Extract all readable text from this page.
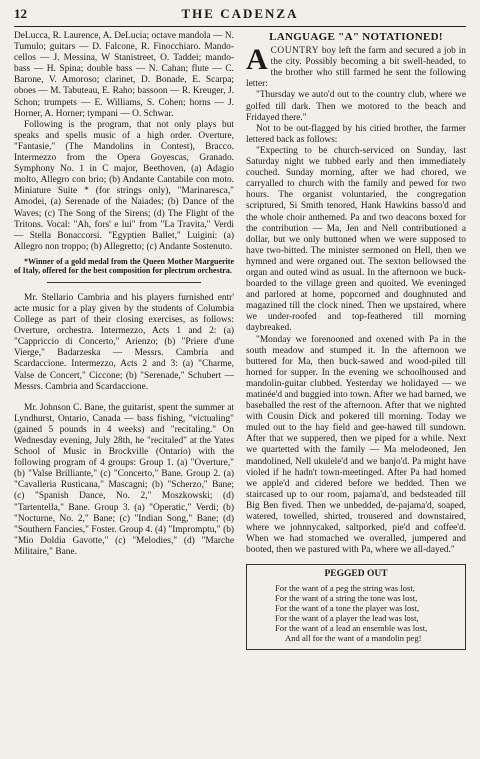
12	THE CADENZA

DeLucca, R. Laurence, A. DeLucia; octave mandola — N. Tumulo; guitars — D. Falcone, R. Finocchiaro. Mando-cellos — J. Messina, W Stanistreet, O. Taddei; mando-bass — H. Spina; double bass — N. Cahan; flute — C. Barone, V. Amoroso; clarinet, D. Bonade, E. Scarpa; oboes — M. Tabuteau, E. Raho; bassoon — R. Kreuger, J. Schon; trumpets — E. Williams, S. Cohen; horns — J. Horner, A. Horner; tympani — O. Schwar.

Following is the program, that not only plays but speaks and spells music of a high order. Overture, "Fantasie," (The Mandolins in Contest), Bracco. Intermezzo from the Opera Goyescas, Granado. Symphony No. 1 in C major, Beethoven, (a) Adagio molto, Allegro con brio; (b) Andante Cantabile con moto. Miniature Suite * (for strings only), "Marinaresca," Amodei, (a) Serenade of the Naiades; (b) Dance of the Waves; (c) The Song of the Sirens; (d) The Flight of the Tritons. Vocal: "Ah, fors' e lui" from "La Travita," Verdi — Stella Bonaccorsi. "Egyptien Ballet," Luigini: (a) Allegro non troppo; (b) Allegretto; (c) Andante Sostenuto.

*Winner of a gold medal from the Queen Mother Marguerite of Italy, offered for the best composition for plectrum orchestra.

Mr. Stellario Cambria and his players furnished entr' acte music for a play given by the students of Columbia College as part of their closing exercises, as follows: Overture, orchestra. Intermezzo, Acts 1 and 2: (a) "Cappriccio di Concerto," Arienzo; (b) "Priere d'une Vierge," Badarzeska — Messrs. Cambria and Scardaccione. Intermezzo, Acts 2 and 3: (a) "Charme, Valse de Concert," Ciccone; (b) "Serenade," Schubert — Messrs. Cambria and Scardaccione.

Mr. Johnson C. Bane, the guitarist, spent the summer at Lyndhurst, Ontario, Canada — bass fishing, "victualing" (gained 5 pounds in 4 weeks) and "recitaling." On Wednesday evening, July 28th, he "recitaled" at the Yates School of Music in Brockville (Ontario) with the following program of 4 groups: Group 1. (a) "Overture," (b) "Valse Brilliante," (c) "Concerto," Bane. Group 2. (a) "Cavalleria Rusticana," Mascagni; (b) "Scherzo," Bane; (c) "Spanish Dance, No. 2," Moszkowski; (d) "Tartentella," Bane. Group 3. (a) "Operatic," Verdi; (b) "Nocturne, No. 2," Bane; (c) "Indian Song," Bane; (d) "Southern Fancies," Foster. Group 4. (4) "Impromptu," (b) "Mio Doldia Gavotte," (c) "Melodies," (d) "Marche Militaire," Bane.

LANGUAGE "A" NOTATIONED!

ACOUNTRY boy left the farm and secured a job in the city. Possibly becoming a bit swell-headed, to the brother who still farmed he sent the following letter:

"Thursday we auto'd out to the country club, where we golfed till dark. Then we motored to the beach and Fridayed there."

Not to be out-flagged by his citied brother, the farmer lettered back as follows:

"Expecting to be church-serviced on Sunday, last Saturday night we tubbed early and then immediately couched. Sunday morning, after we had chored, we carryalled to church with the family and pewed for two hours. The organist voluntaried, the congregation scriptured, Si Smith tenored, Hank Hawkins basso'd and the whole choir anthemed. Pa and two deacons boxed for the contribution — Ma, Jen and Nell contributioned a dollar, but we only buttoned when we were supposed to have two-bitted. The minister sermoned on Hell, then we hymned and were organed out. The sexton bellowsed the organ and outed wind as usual. In the afternoon we buck-boarded to the village green and quoited. We eveninged and parlored at home, popcorned and doughnuted and magazined till the clock nined. Then we upstaired, where we under-roofed and top-feathered till morning daybreaked.

"Monday we forenooned and oxened with Pa in the south meadow and stumped it. In the afternoon we buttered for Ma, then buck-sawed and wood-piled till horned for supper. In the evening we schoolhoused and mandolin-guitar clubbed. Yesterday we holidayed — we matinée'd and buggied into town. After we had barned, we baseballed the rest of the afternoon. After that we nighted with Cousin Dick and pokered till morning. Today we muled out to the hay field and gee-hawed till sundown. After that we suppered, then we piped for a while. Next we quartetted with the family — Ma melodeoned, Jen mandolined, Nell ukulele'd and we banjo'd. Pa might have violed if he hadn't town-meetinged. After Pa had homed we apple'd and cidered before we bedded. Then we staircased up to our room, pajama'd, and bedsteaded till Big Ben fived. Then we unbedded, de-pajama'd, soaped, watered, towelled, shirted, trousered and downstaired, where we johnnycaked, saltporked, pie'd and coffee'd. When we had stomached we overalled, jumpered and booted, then we pastured with Pa, where we all-dayed."

PEGGED OUT
For the want of a peg the string was lost,
For the want of a string the tone was lost,
For the want of a tone the player was lost,
For the want of a player the lead was lost,
For the want of a lead an ensemble was lost,
And all for the want of a mandolin peg!
